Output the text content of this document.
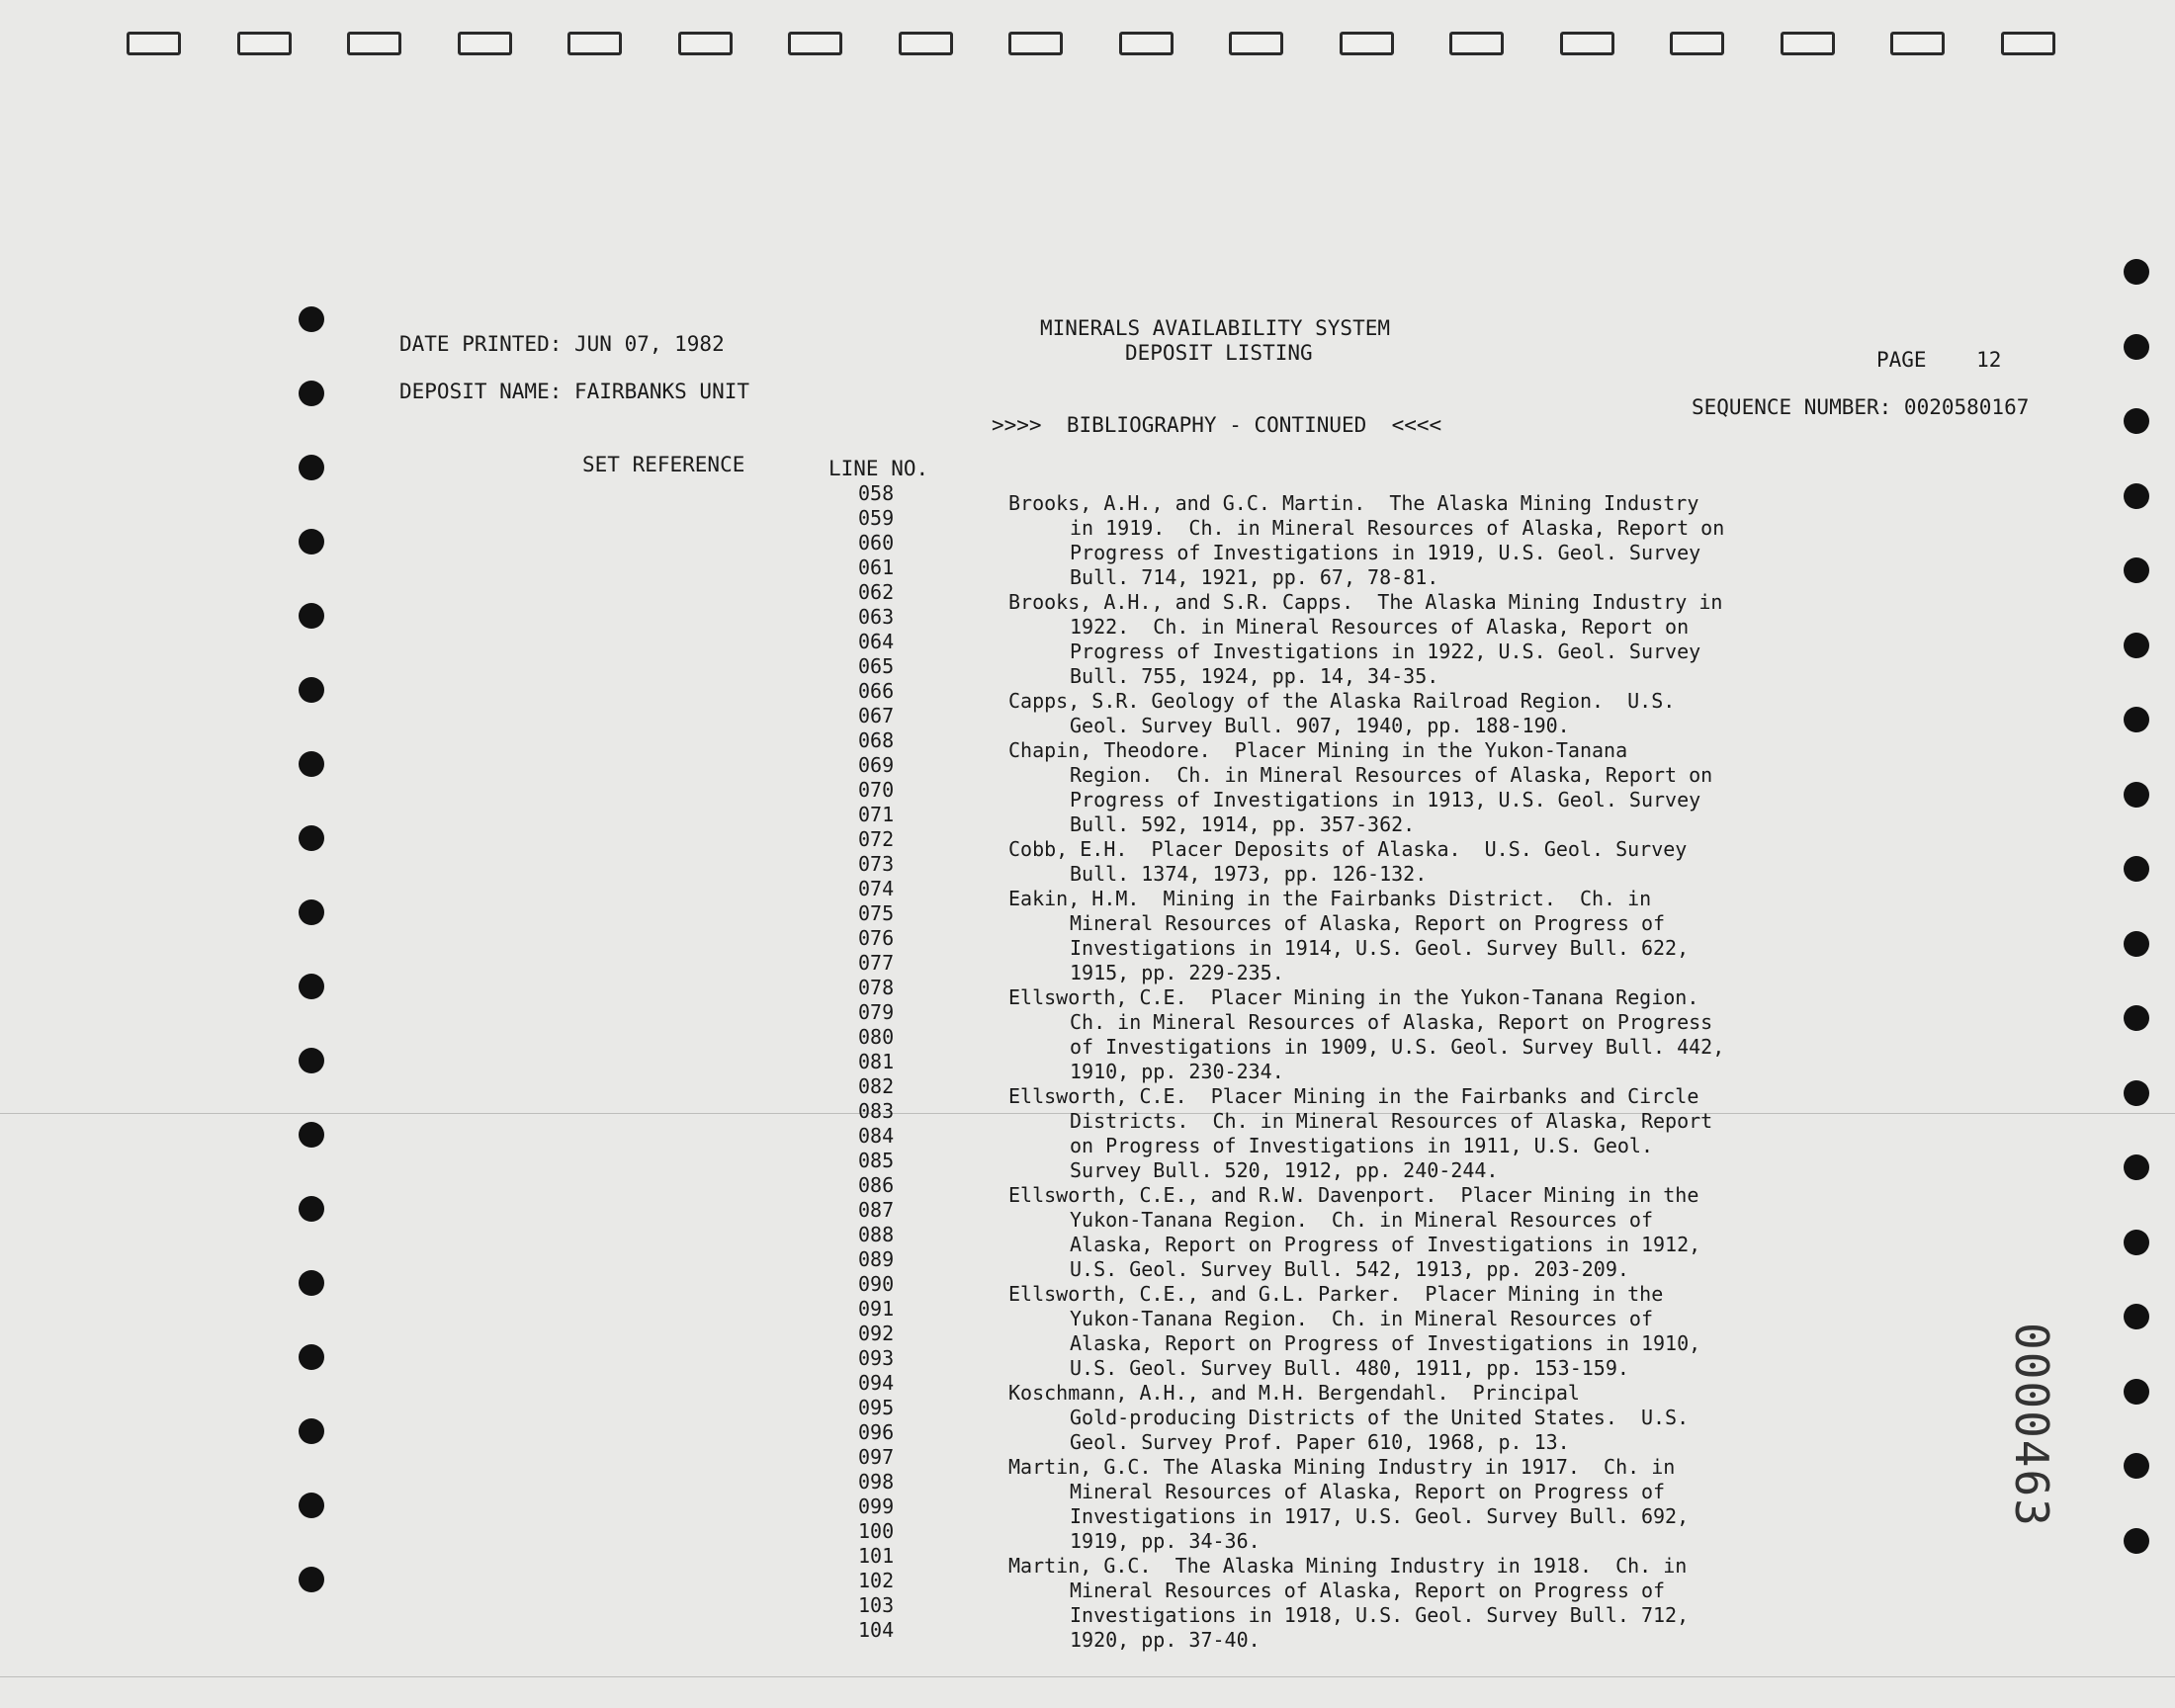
MINERALS AVAILABILITY SYSTEM
DEPOSIT LISTING
DATE PRINTED: JUN 07, 1982
DEPOSIT NAME: FAIRBANKS UNIT
PAGE    12
SEQUENCE NUMBER: 0020580167
>>>>  BIBLIOGRAPHY - CONTINUED  <<<<
SET REFERENCE	LINE NO.
058
059
060
061
062
063
064
065
066
067
068
069
070
071
072
073
074
075
076
077
078
079
080
081
082
083
084
085
086
087
088
089
090
091
092
093
094
095
096
097
098
099
100
101
102
103
104
Brooks, A.H., and G.C. Martin.  The Alaska Mining Industry
in 1919.  Ch. in Mineral Resources of Alaska, Report on
Progress of Investigations in 1919, U.S. Geol. Survey
Bull. 714, 1921, pp. 67, 78-81.
Brooks, A.H., and S.R. Capps.  The Alaska Mining Industry in
1922.  Ch. in Mineral Resources of Alaska, Report on
Progress of Investigations in 1922, U.S. Geol. Survey
Bull. 755, 1924, pp. 14, 34-35.
Capps, S.R. Geology of the Alaska Railroad Region.  U.S.
Geol. Survey Bull. 907, 1940, pp. 188-190.
Chapin, Theodore.  Placer Mining in the Yukon-Tanana
Region.  Ch. in Mineral Resources of Alaska, Report on
Progress of Investigations in 1913, U.S. Geol. Survey
Bull. 592, 1914, pp. 357-362.
Cobb, E.H.  Placer Deposits of Alaska.  U.S. Geol. Survey
Bull. 1374, 1973, pp. 126-132.
Eakin, H.M.  Mining in the Fairbanks District.  Ch. in
Mineral Resources of Alaska, Report on Progress of
Investigations in 1914, U.S. Geol. Survey Bull. 622,
1915, pp. 229-235.
Ellsworth, C.E.  Placer Mining in the Yukon-Tanana Region.
Ch. in Mineral Resources of Alaska, Report on Progress
of Investigations in 1909, U.S. Geol. Survey Bull. 442,
1910, pp. 230-234.
Ellsworth, C.E.  Placer Mining in the Fairbanks and Circle
Districts.  Ch. in Mineral Resources of Alaska, Report
on Progress of Investigations in 1911, U.S. Geol.
Survey Bull. 520, 1912, pp. 240-244.
Ellsworth, C.E., and R.W. Davenport.  Placer Mining in the
Yukon-Tanana Region.  Ch. in Mineral Resources of
Alaska, Report on Progress of Investigations in 1912,
U.S. Geol. Survey Bull. 542, 1913, pp. 203-209.
Ellsworth, C.E., and G.L. Parker.  Placer Mining in the
Yukon-Tanana Region.  Ch. in Mineral Resources of
Alaska, Report on Progress of Investigations in 1910,
U.S. Geol. Survey Bull. 480, 1911, pp. 153-159.
Koschmann, A.H., and M.H. Bergendahl.  Principal
Gold-producing Districts of the United States.  U.S.
Geol. Survey Prof. Paper 610, 1968, p. 13.
Martin, G.C. The Alaska Mining Industry in 1917.  Ch. in
Mineral Resources of Alaska, Report on Progress of
Investigations in 1917, U.S. Geol. Survey Bull. 692,
1919, pp. 34-36.
Martin, G.C.  The Alaska Mining Industry in 1918.  Ch. in
Mineral Resources of Alaska, Report on Progress of
Investigations in 1918, U.S. Geol. Survey Bull. 712,
1920, pp. 37-40.
0000463
